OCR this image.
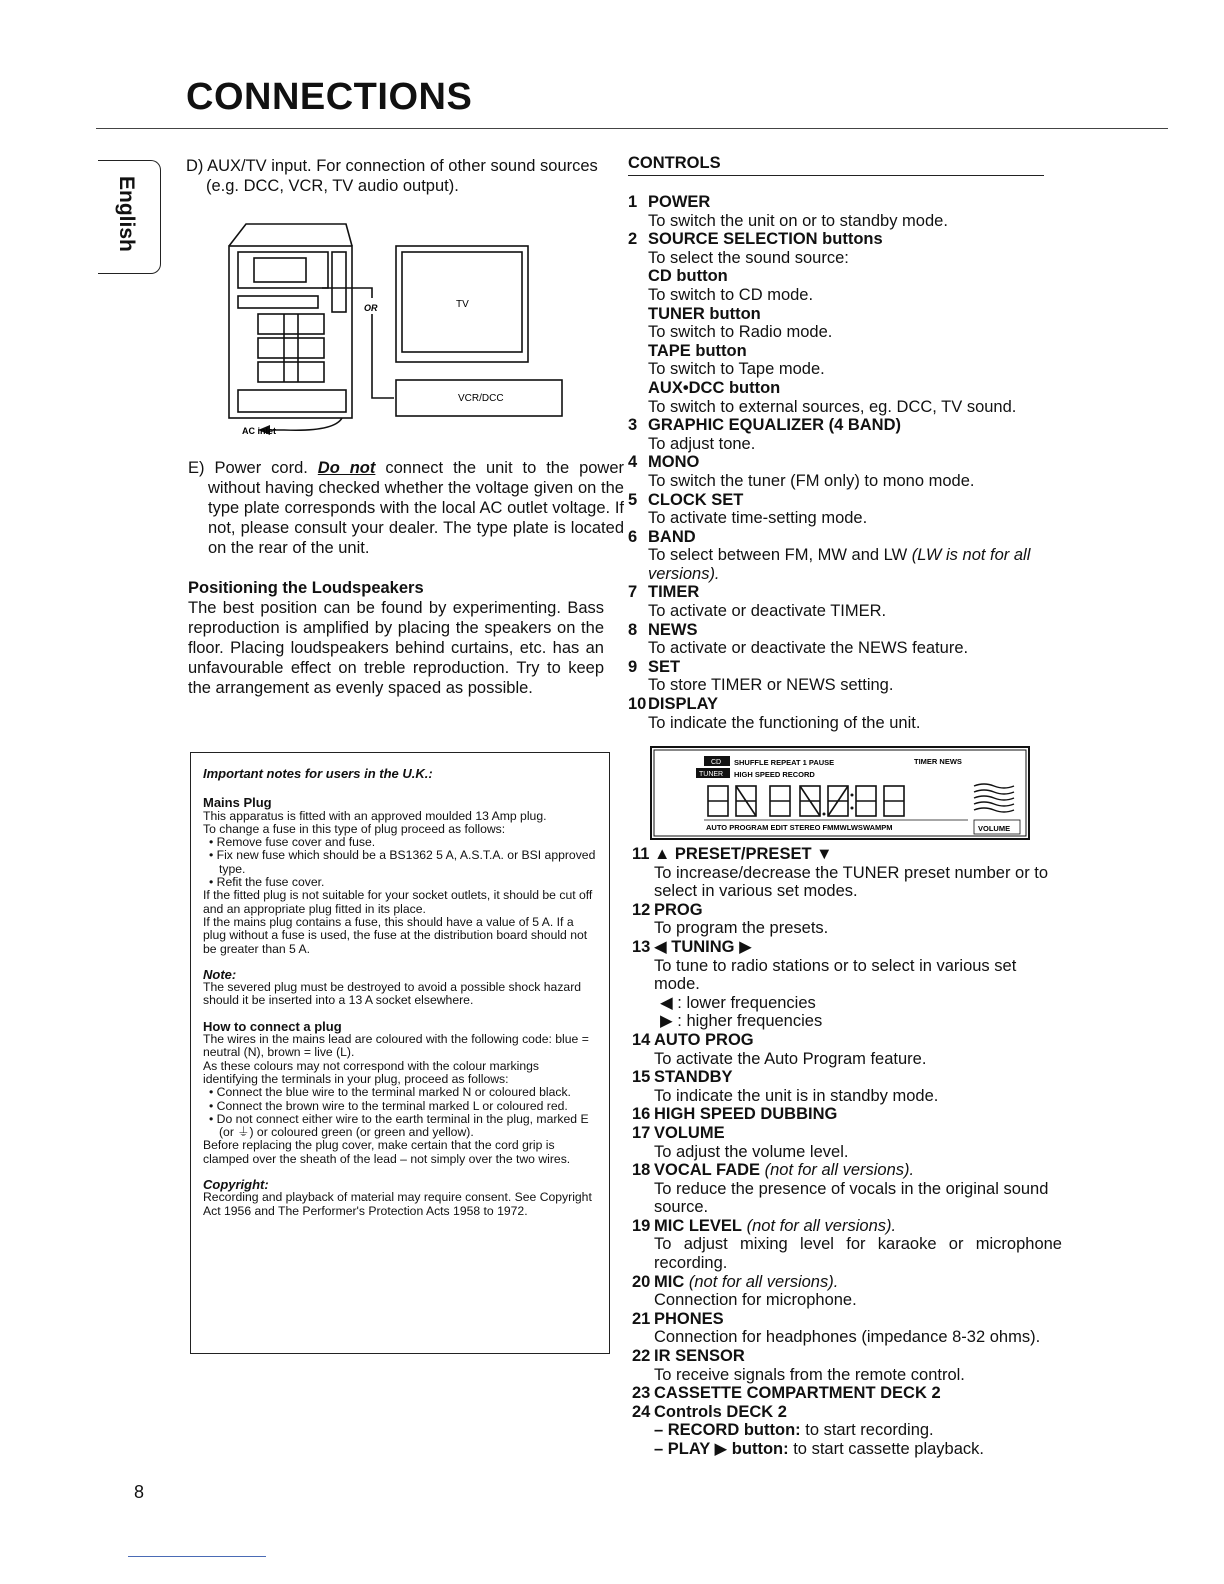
CONNECTIONS
English
D) AUX/TV input. For connection of other sound sources
(e.g. DCC, VCR, TV audio output).
TV
OR
VCR/DCC
AC inlet
E) Power cord. Do not connect the unit to the power without having checked whether the voltage given on the type plate corresponds with the local AC outlet voltage. If not, please consult your dealer. The type plate is located on the rear of the unit.
Positioning the Loudspeakers
The best position can be found by experimenting. Bass reproduction is amplified by placing the speakers on the floor. Placing loudspeakers behind curtains, etc. has an unfavourable effect on treble reproduction. Try to keep the arrangement as evenly spaced as possible.
Important notes for users in the U.K.:
Mains Plug
This apparatus is fitted with an approved moulded 13 Amp plug.
To change a fuse in this type of plug proceed as follows:
• Remove fuse cover and fuse.
• Fix new fuse which should be a BS1362 5 A, A.S.T.A. or BSI approved type.
• Refit the fuse cover.
If the fitted plug is not suitable for your socket outlets, it should be cut off and an appropriate plug fitted in its place.
If the mains plug contains a fuse, this should have a value of 5 A. If a plug without a fuse is used, the fuse at the distribution board should not be greater than 5 A.
Note:
The severed plug must be destroyed to avoid a possible shock hazard should it be inserted into a 13 A socket elsewhere.
How to connect a plug
The wires in the mains lead are coloured with the following code: blue = neutral (N), brown = live (L).
As these colours may not correspond with the colour markings identifying the terminals in your plug, proceed as follows:
• Connect the blue wire to the terminal marked N or coloured black.
• Connect the brown wire to the terminal marked L or coloured red.
• Do not connect either wire to the earth terminal in the plug, marked E (or ⏚) or coloured green (or green and yellow).
Before replacing the plug cover, make certain that the cord grip is clamped over the sheath of the lead – not simply over the two wires.
Copyright:
Recording and playback of material may require consent. See Copyright Act 1956 and The Performer's Protection Acts 1958 to 1972.
CONTROLS
1 POWER
To switch the unit on or to standby mode.
2 SOURCE SELECTION buttons
To select the sound source:
CD button
To switch to CD mode.
TUNER button
To switch to Radio mode.
TAPE button
To switch to Tape mode.
AUX•DCC button
To switch to external sources, eg. DCC, TV sound.
3 GRAPHIC EQUALIZER (4 BAND)
To adjust tone.
4 MONO
To switch the tuner (FM only) to mono mode.
5 CLOCK SET
To activate time-setting mode.
6 BAND
To select between FM, MW and LW (LW is not for all versions).
7 TIMER
To activate or deactivate TIMER.
8 NEWS
To activate or deactivate the NEWS feature.
9 SET
To store TIMER or NEWS setting.
10 DISPLAY
To indicate the functioning of the unit.
CD
TUNER
SHUFFLE REPEAT 1 PAUSE	TIMER NEWS
HIGH SPEED RECORD
AUTO PROGRAM EDIT STEREO FMMWLWSWAMPM	VOLUME
11 ▲ PRESET/PRESET ▼
To increase/decrease the TUNER preset number or to select in various set modes.
12 PROG
To program the presets.
13 ◀ TUNING ▶
To tune to radio stations or to select in various set mode.
◀ : lower frequencies
▶ : higher frequencies
14 AUTO PROG
To activate the Auto Program feature.
15 STANDBY
To indicate the unit is in standby mode.
16 HIGH SPEED DUBBING
17 VOLUME
To adjust the volume level.
18 VOCAL FADE (not for all versions).
To reduce the presence of vocals in the original sound source.
19 MIC LEVEL (not for all versions).
To adjust mixing level for karaoke or microphone recording.
20 MIC (not for all versions).
Connection for microphone.
21 PHONES
Connection for headphones (impedance 8-32 ohms).
22 IR SENSOR
To receive signals from the remote control.
23 CASSETTE COMPARTMENT DECK 2
24 Controls DECK 2
– RECORD button: to start recording.
– PLAY ▶ button: to start cassette playback.
8
